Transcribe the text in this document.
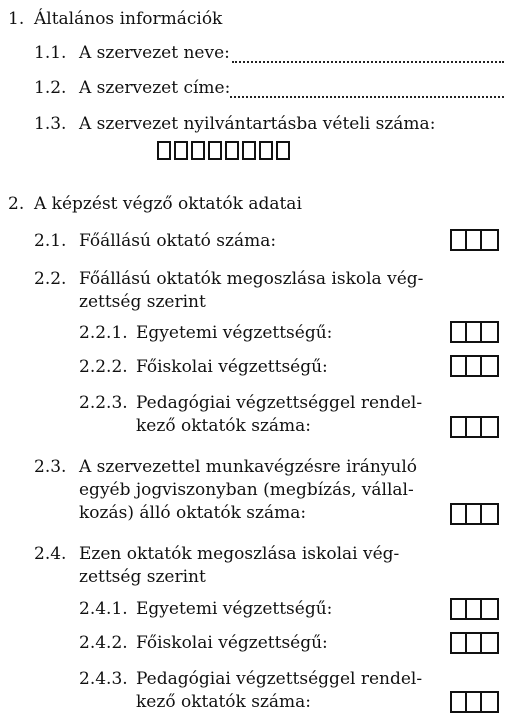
1. Általános információk
1.1. A szervezet neve:
1.2. A szervezet címe:
1.3. A szervezet nyilvántartásba vételi száma:
2. A képzést végző oktatók adatai
2.1. Főállású oktató száma:
2.2. Főállású oktatók megoszlása iskola vég-
zettség szerint
2.2.1. Egyetemi végzettségű:
2.2.2. Főiskolai végzettségű:
2.2.3. Pedagógiai végzettséggel rendel-
kező oktatók száma:
2.3. A szervezettel munkavégzésre irányuló
egyéb jogviszonyban (megbízás, vállal-
kozás) álló oktatók száma:
2.4. Ezen oktatók megoszlása iskolai vég-
zettség szerint
2.4.1. Egyetemi végzettségű:
2.4.2. Főiskolai végzettségű:
2.4.3. Pedagógiai végzettséggel rendel-
kező oktatók száma:
